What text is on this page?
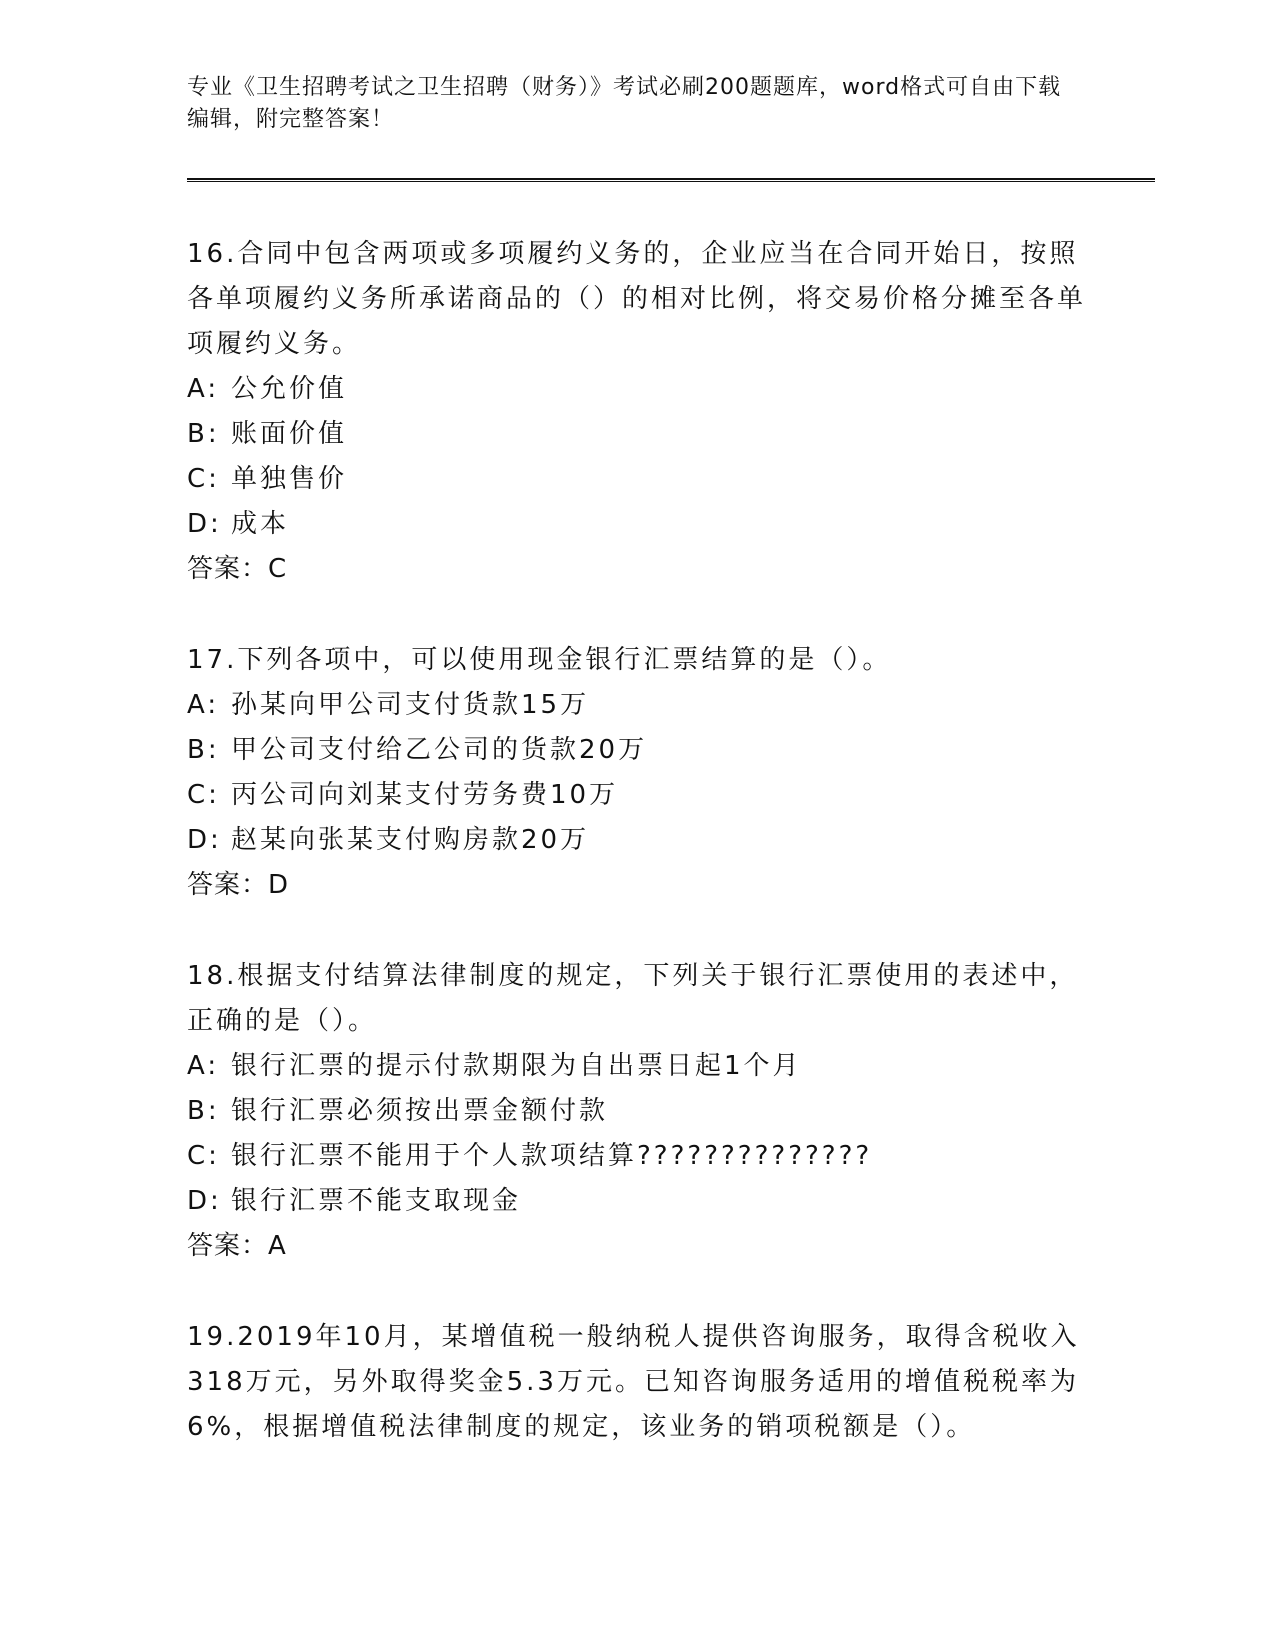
专业《卫生招聘考试之卫生招聘（财务）》考试必刷200题题库，word格式可自由下载编辑，附完整答案！

16.合同中包含两项或多项履约义务的，企业应当在合同开始日，按照各单项履约义务所承诺商品的（）的相对比例，将交易价格分摊至各单项履约义务。

A: 公允价值
B: 账面价值
C: 单独售价
D: 成本

答案：C

17.下列各项中，可以使用现金银行汇票结算的是（）。

A: 孙某向甲公司支付货款15万
B: 甲公司支付给乙公司的货款20万
C: 丙公司向刘某支付劳务费10万
D: 赵某向张某支付购房款20万

答案：D

18.根据支付结算法律制度的规定，下列关于银行汇票使用的表述中，正确的是（）。

A: 银行汇票的提示付款期限为自出票日起1个月
B: 银行汇票必须按出票金额付款
C: 银行汇票不能用于个人款项结算??????????????
D: 银行汇票不能支取现金

答案：A

19.2019年10月，某增值税一般纳税人提供咨询服务，取得含税收入318万元，另外取得奖金5.3万元。已知咨询服务适用的增值税税率为6%，根据增值税法律制度的规定，该业务的销项税额是（）。
